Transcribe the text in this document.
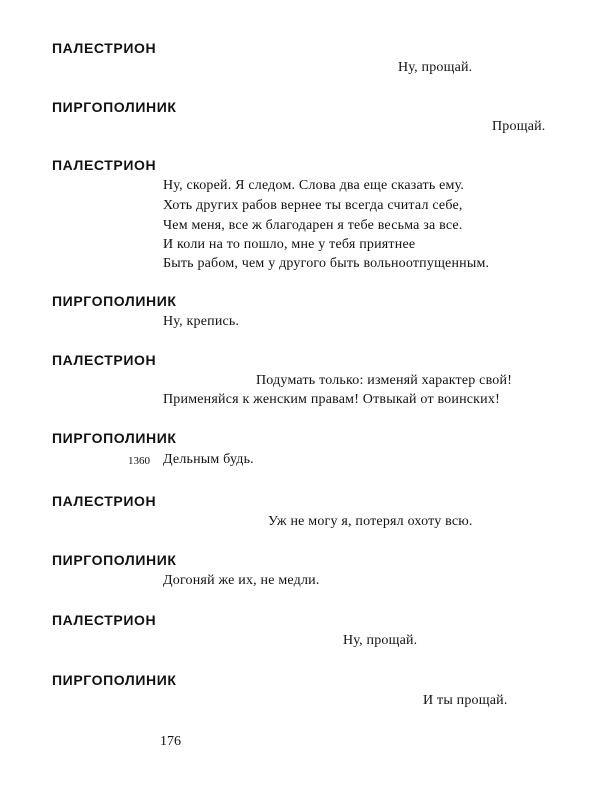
ПАЛЕСТРИОН
Ну, прощай.
ПИРГОПОЛИНИК
Прощай.
ПАЛЕСТРИОН
Ну, скорей. Я следом. Слова два еще сказать ему.
Хоть других рабов вернее ты всегда считал себе,
Чем меня, все ж благодарен я тебе весьма за все.
И коли на то пошло, мне у тебя приятнее
Быть рабом, чем у другого быть вольноотпущенным.
ПИРГОПОЛИНИК
Ну, крепись.
ПАЛЕСТРИОН
Подумать только: изменяй характер свой!
Применяйся к женским правам! Отвыкай от воинских!
ПИРГОПОЛИНИК
1360 Дельным будь.
ПАЛЕСТРИОН
Уж не могу я, потерял охоту всю.
ПИРГОПОЛИНИК
Догоняй же их, не медли.
ПАЛЕСТРИОН
Ну, прощай.
ПИРГОПОЛИНИК
И ты прощай.
176
